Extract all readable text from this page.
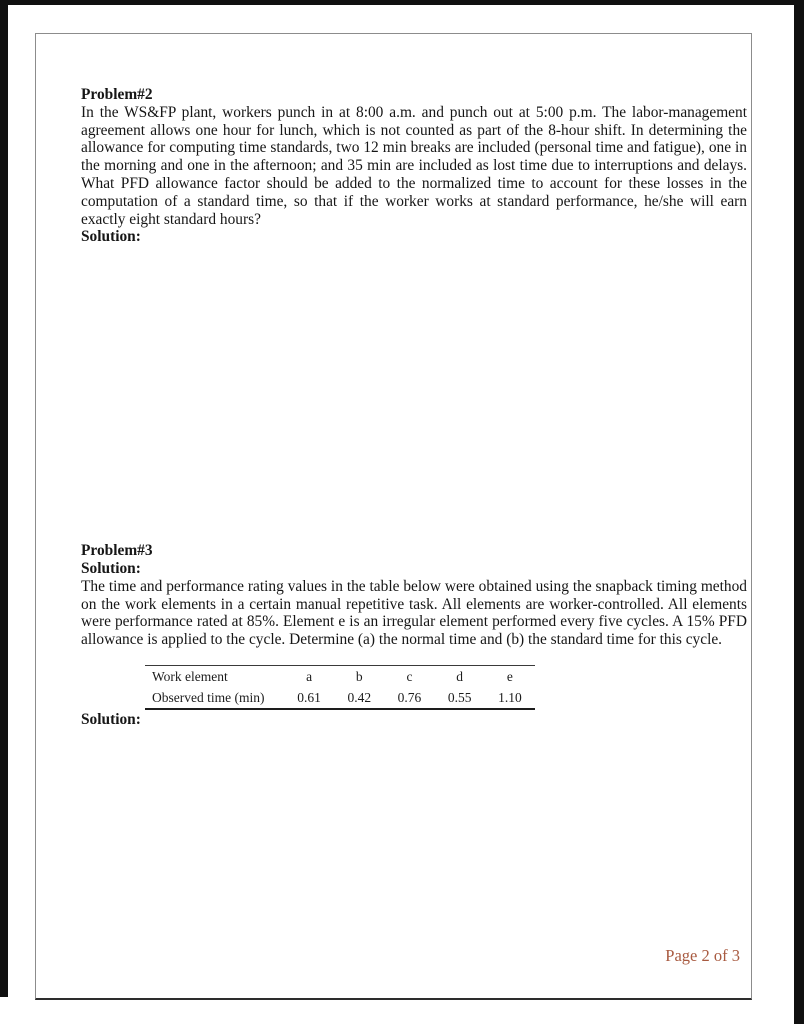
Problem#2
In the WS&FP plant, workers punch in at 8:00 a.m. and punch out at 5:00 p.m. The labor-management agreement allows one hour for lunch, which is not counted as part of the 8-hour shift. In determining the allowance for computing time standards, two 12 min breaks are included (personal time and fatigue), one in the morning and one in the afternoon; and 35 min are included as lost time due to interruptions and delays. What PFD allowance factor should be added to the normalized time to account for these losses in the computation of a standard time, so that if the worker works at standard performance, he/she will earn exactly eight standard hours?
Solution:
Problem#3
Solution:
The time and performance rating values in the table below were obtained using the snapback timing method on the work elements in a certain manual repetitive task. All elements are worker-controlled. All elements were performance rated at 85%. Element e is an irregular element performed every five cycles. A 15% PFD allowance is applied to the cycle. Determine (a) the normal time and (b) the standard time for this cycle.
Work element	a	b	c	d	e
Observed time (min)	0.61	0.42	0.76	0.55	1.10
Solution:
Page 2 of 3
